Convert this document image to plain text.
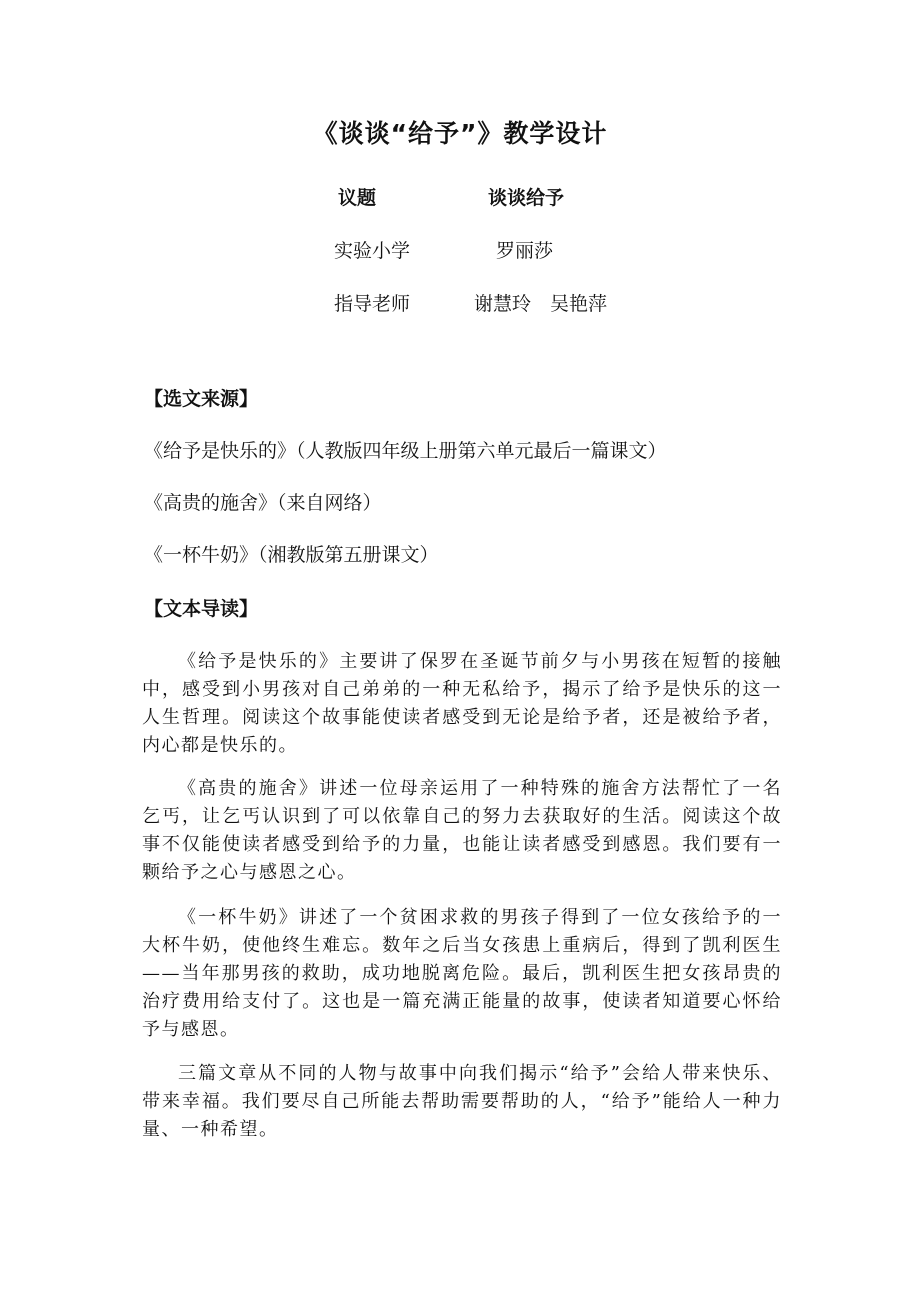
《谈谈“给予”》教学设计
议题	谈谈给予
实验小学	罗丽莎
指导老师	谢慧玲　吴艳萍
【选文来源】
《给予是快乐的》（人教版四年级上册第六单元最后一篇课文）
《高贵的施舍》（来自网络）
《一杯牛奶》（湘教版第五册课文）
【文本导读】

《给予是快乐的》主要讲了保罗在圣诞节前夕与小男孩在短暂的接触中，感受到小男孩对自己弟弟的一种无私给予，揭示了给予是快乐的这一人生哲理。阅读这个故事能使读者感受到无论是给予者，还是被给予者，内心都是快乐的。

《高贵的施舍》讲述一位母亲运用了一种特殊的施舍方法帮忙了一名乞丐，让乞丐认识到了可以依靠自己的努力去获取好的生活。阅读这个故事不仅能使读者感受到给予的力量，也能让读者感受到感恩。我们要有一颗给予之心与感恩之心。

《一杯牛奶》讲述了一个贫困求救的男孩子得到了一位女孩给予的一大杯牛奶，使他终生难忘。数年之后当女孩患上重病后，得到了凯利医生——当年那男孩的救助，成功地脱离危险。最后，凯利医生把女孩昂贵的治疗费用给支付了。这也是一篇充满正能量的故事，使读者知道要心怀给予与感恩。

三篇文章从不同的人物与故事中向我们揭示“给予”会给人带来快乐、带来幸福。我们要尽自己所能去帮助需要帮助的人，“给予”能给人一种力量、一种希望。
